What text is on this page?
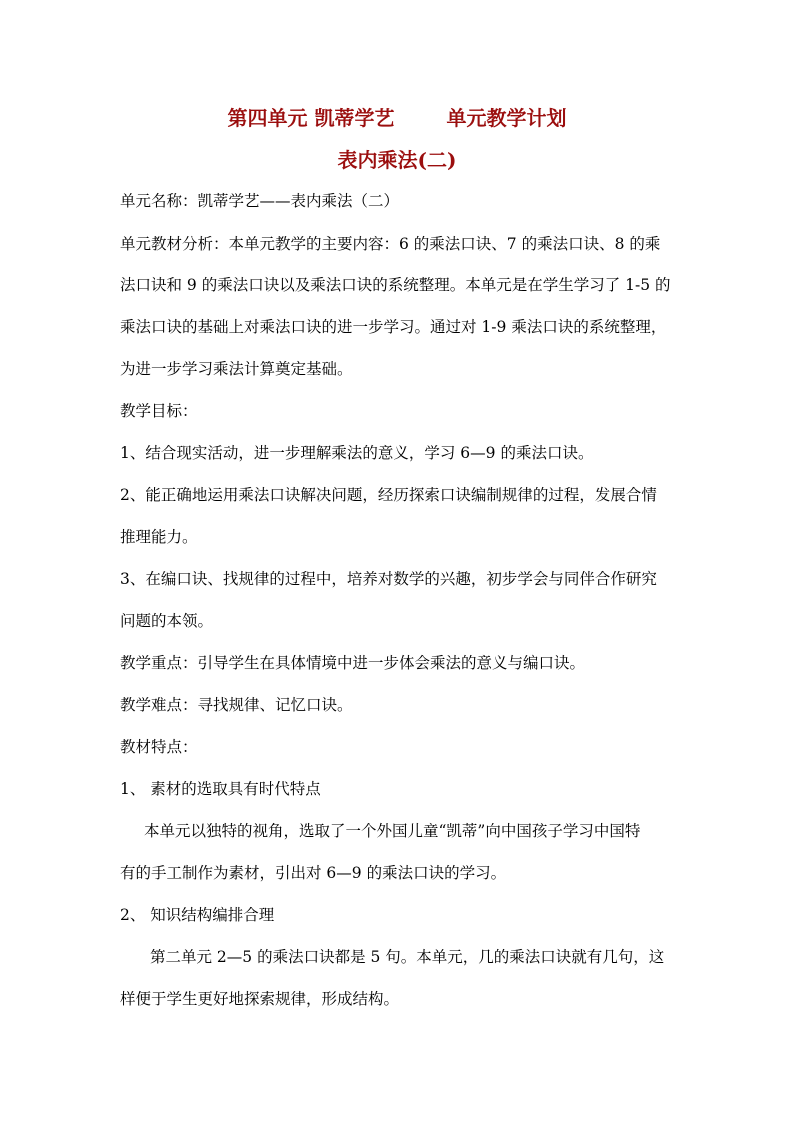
第四单元 凯蒂学艺	单元教学计划
表内乘法(二)
单元名称：凯蒂学艺——表内乘法（二）
单元教材分析：本单元教学的主要内容：6 的乘法口诀、7 的乘法口诀、8 的乘
法口诀和 9 的乘法口诀以及乘法口诀的系统整理。本单元是在学生学习了 1-5 的
乘法口诀的基础上对乘法口诀的进一步学习。通过对 1-9 乘法口诀的系统整理，
为进一步学习乘法计算奠定基础。
教学目标：
1、结合现实活动，进一步理解乘法的意义，学习 6—9 的乘法口诀。
2、能正确地运用乘法口诀解决问题，经历探索口诀编制规律的过程，发展合情
推理能力。
3、在编口诀、找规律的过程中，培养对数学的兴趣，初步学会与同伴合作研究
问题的本领。
教学重点：引导学生在具体情境中进一步体会乘法的意义与编口诀。
教学难点：寻找规律、记忆口诀。
教材特点：
1、 素材的选取具有时代特点
本单元以独特的视角，选取了一个外国儿童“凯蒂”向中国孩子学习中国特
有的手工制作为素材，引出对 6—9 的乘法口诀的学习。
2、 知识结构编排合理
第二单元 2—5 的乘法口诀都是 5 句。本单元，几的乘法口诀就有几句，这
样便于学生更好地探索规律，形成结构。
